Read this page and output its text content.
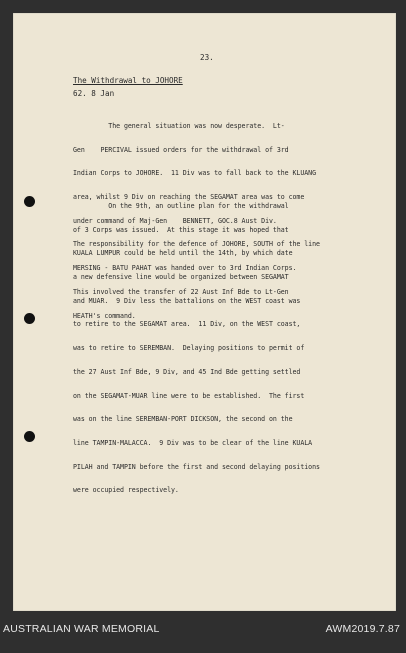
23.
The Withdrawal to JOHORE
62. 8 Jan

The general situation was now desperate.  Lt-

Gen    PERCIVAL issued orders for the withdrawal of 3rd

Indian Corps to JOHORE.  11 Div was to fall back to the KLUANG

area, whilst 9 Div on reaching the SEGAMAT area was to come

under command of Maj-Gen    BENNETT, GOC.8 Aust Div.

The responsibility for the defence of JOHORE, SOUTH of the line

MERSING - BATU PAHAT was handed over to 3rd Indian Corps.

This involved the transfer of 22 Aust Inf Bde to Lt-Gen

HEATH's command.

On the 9th, an outline plan for the withdrawal

of 3 Corps was issued.  At this stage it was hoped that

KUALA LUMPUR could be held until the 14th, by which date

a new defensive line would be organized between SEGAMAT

and MUAR.  9 Div less the battalions on the WEST coast was

to retire to the SEGAMAT area.  11 Div, on the WEST coast,

was to retire to SEREMBAN.  Delaying positions to permit of

the 27 Aust Inf Bde, 9 Div, and 45 Ind Bde getting settled

on the SEGAMAT-MUAR line were to be established.  The first

was on the line SEREMBAN-PORT DICKSON, the second on the

line TAMPIN-MALACCA.  9 Div was to be clear of the line KUALA

PILAH and TAMPIN before the first and second delaying positions

were occupied respectively.

AUSTRALIAN WAR MEMORIAL	AWM2019.7.87
